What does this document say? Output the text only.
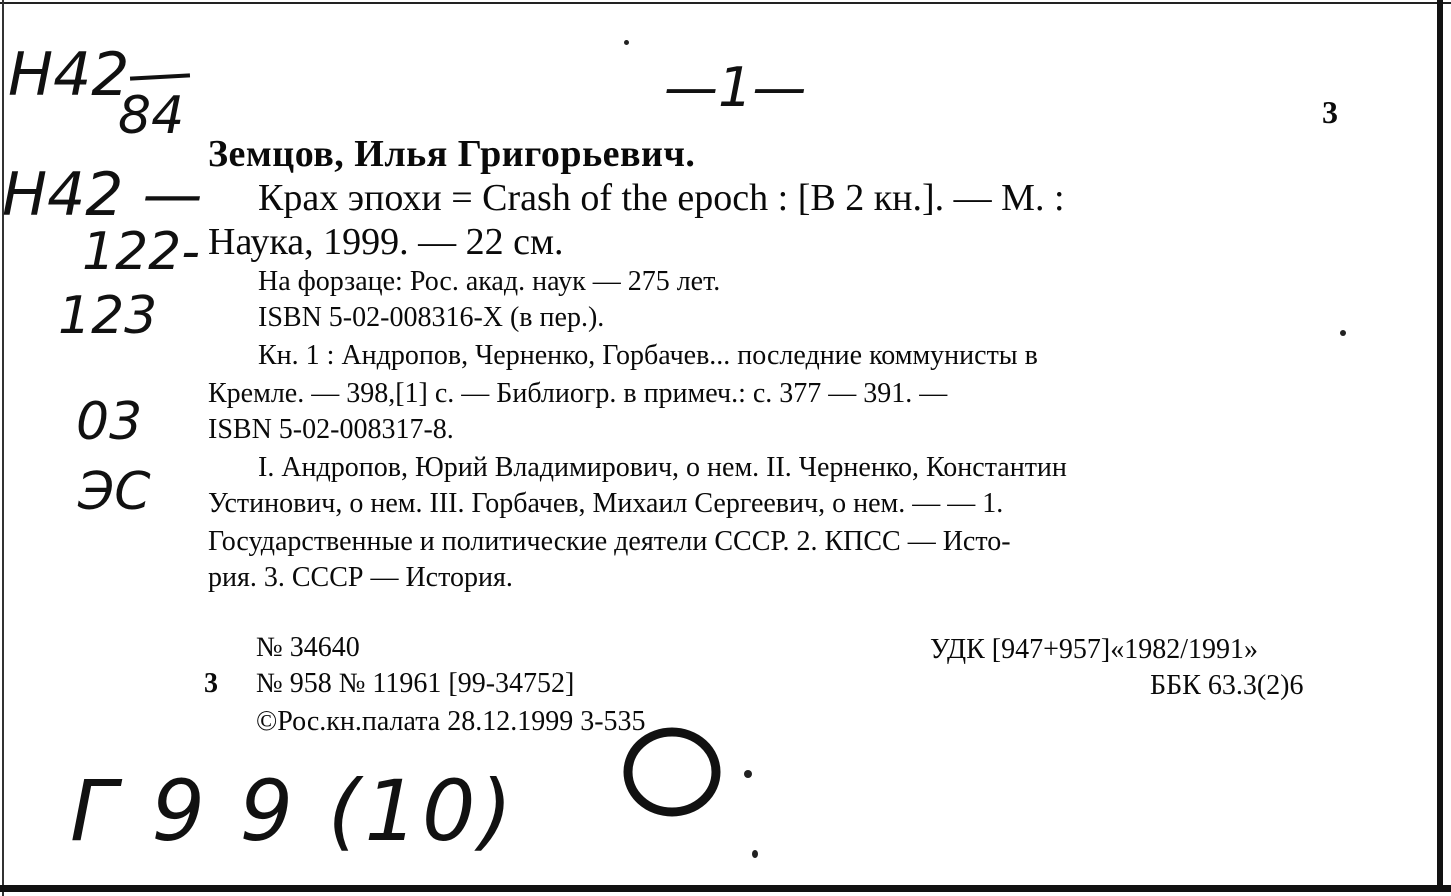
Н42
84
Н42 —
122-
123
03
ЭС
Г 9 9 (10)
—1—	3
Земцов, Илья Григорьевич.
Крах эпохи = Crash of the epoch : [В 2 кн.]. — М. :
Наука, 1999. — 22 см.
На форзаце: Рос. акад. наук — 275 лет.
ISBN 5-02-008316-X (в пер.).
Кн. 1 : Андропов, Черненко, Горбачев... последние коммунисты в
Кремле. — 398,[1] с. — Библиогр. в примеч.: с. 377 — 391. —
ISBN 5-02-008317-8.
I. Андропов, Юрий Владимирович, о нем. II. Черненко, Константин
Устинович, о нем. III. Горбачев, Михаил Сергеевич, о нем. — — 1.
Государственные и политические деятели СССР. 2. КПСС — Исто-
рия. 3. СССР — История.
№ 34640
3 № 958 № 11961 [99-34752]
©Рос.кн.палата 28.12.1999 3-535
УДК [947+957]«1982/1991»
ББК 63.3(2)6
